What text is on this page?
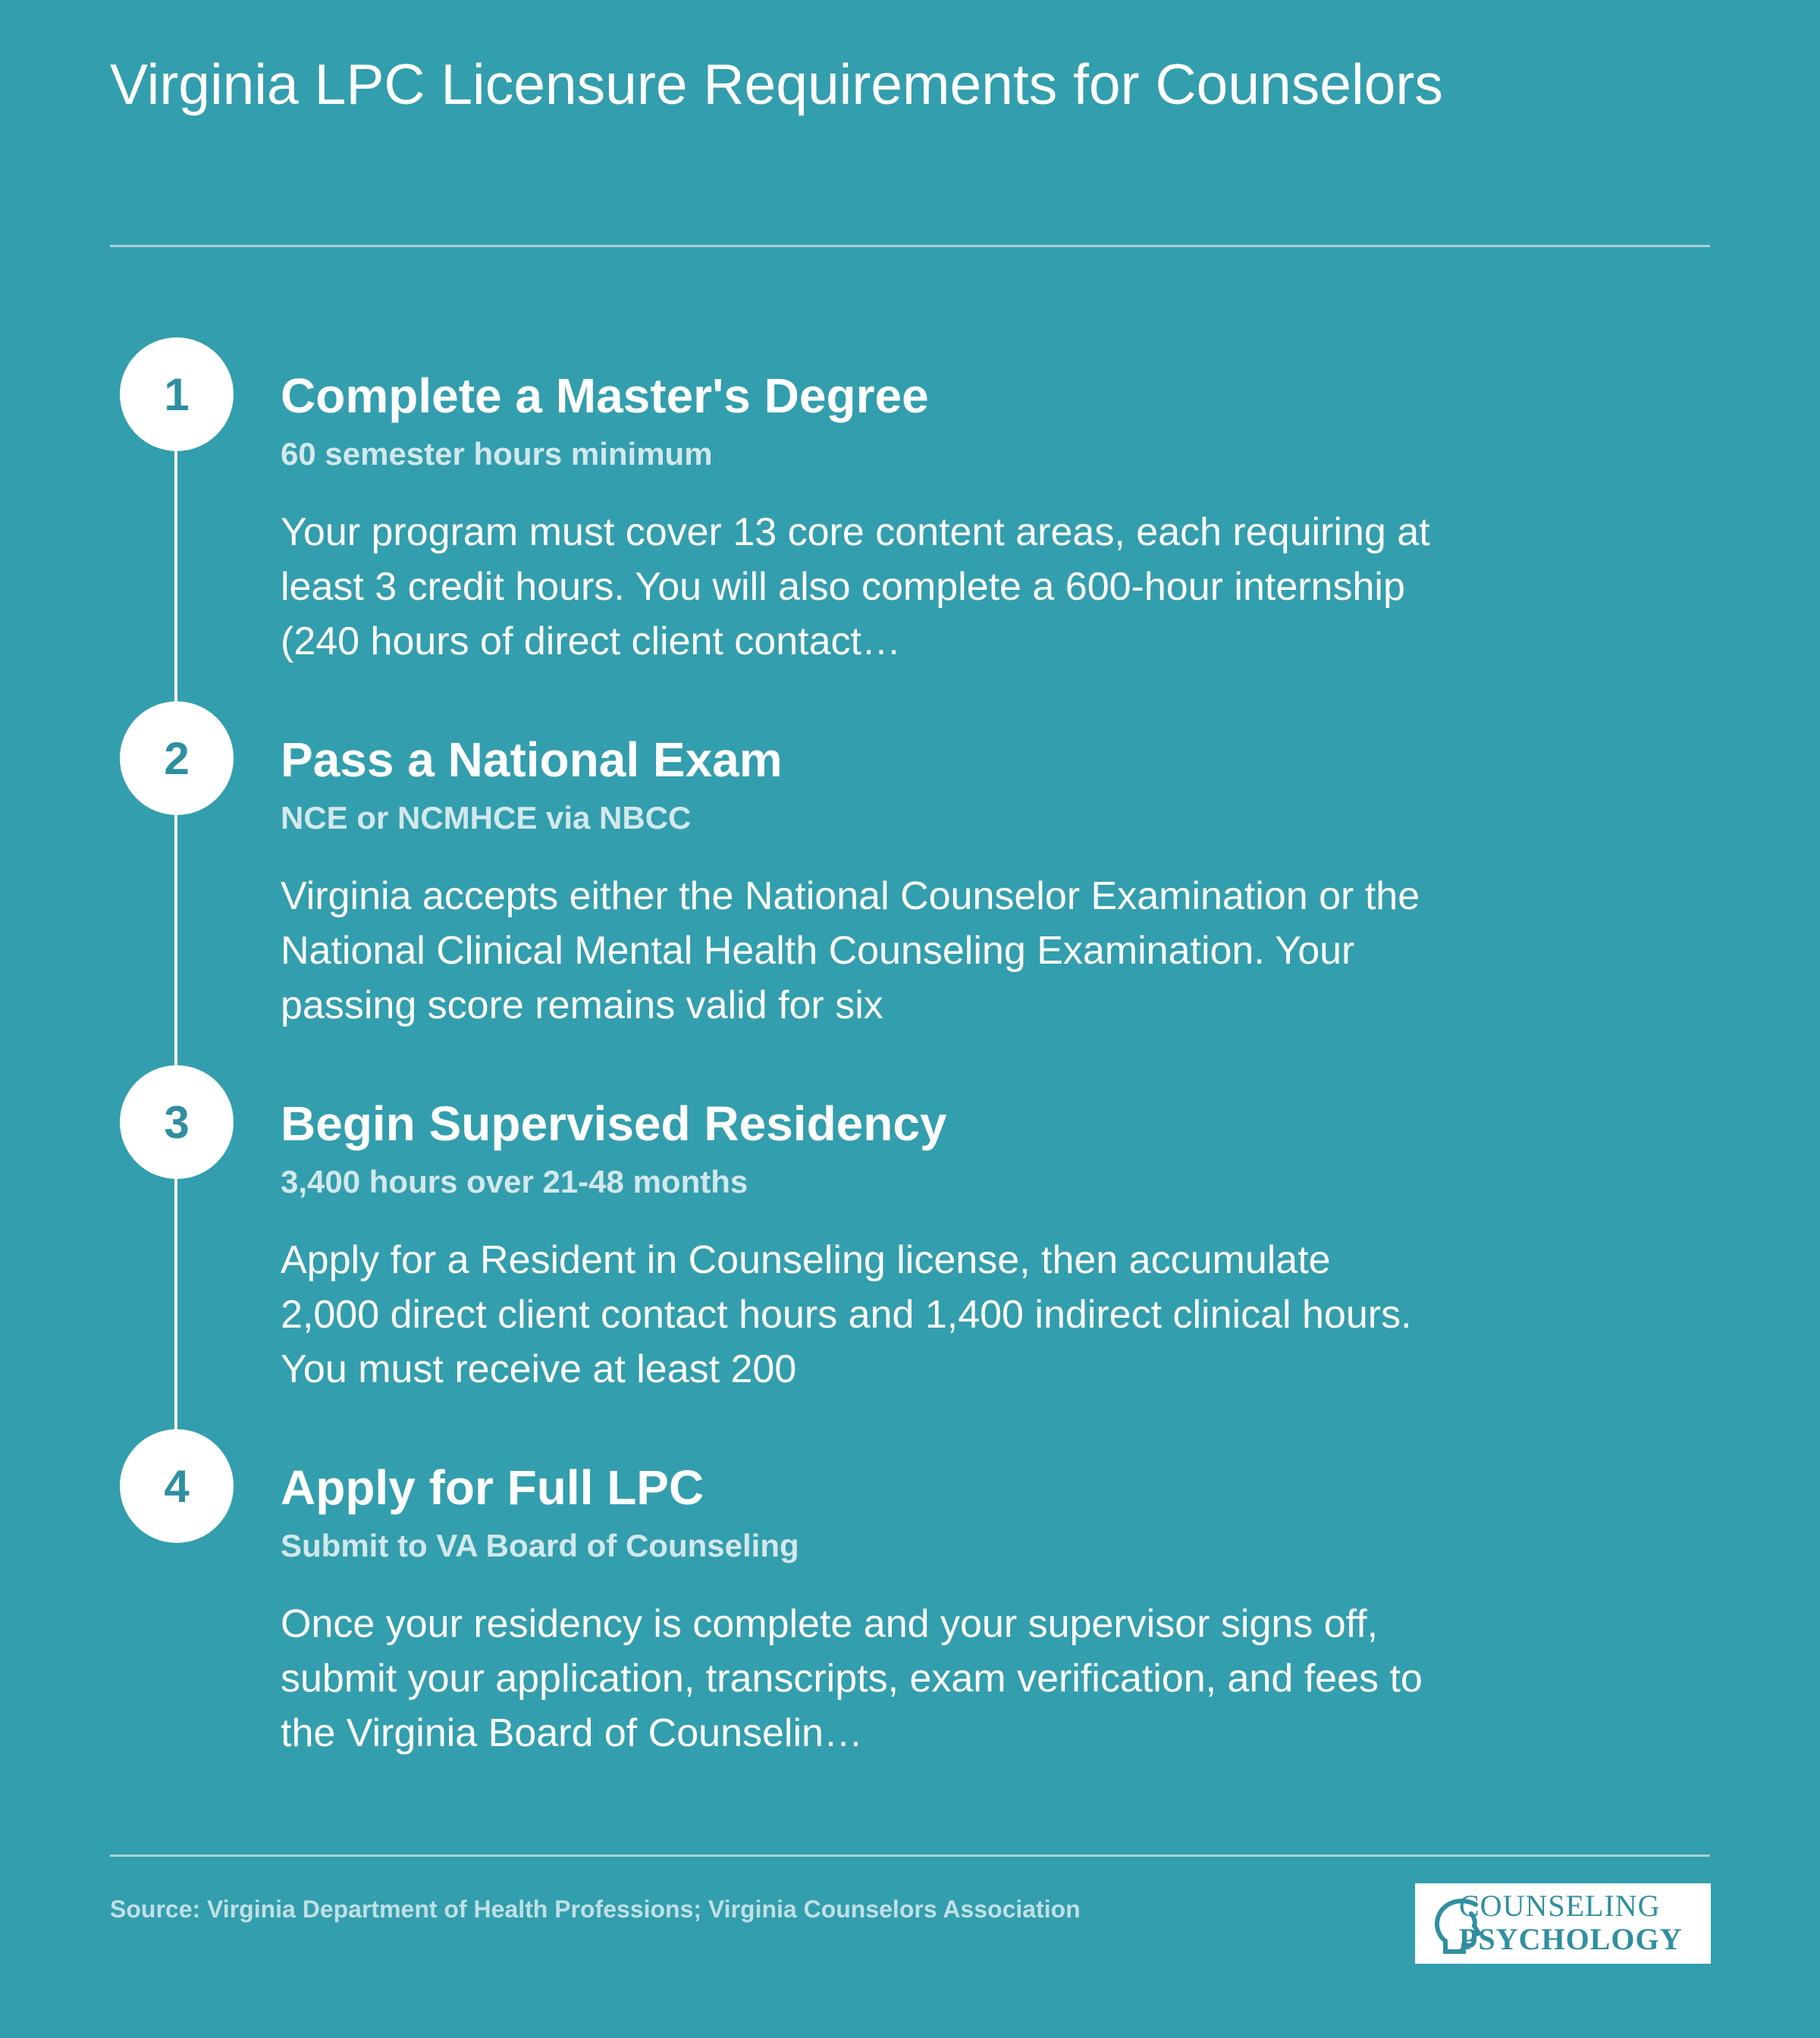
Virginia LPC Licensure Requirements for Counselors
1	Complete a Master's Degree
60 semester hours minimum
Your program must cover 13 core content areas, each requiring at least 3 credit hours. You will also complete a 600-hour internship (240 hours of direct client contact…
2	Pass a National Exam
NCE or NCMHCE via NBCC
Virginia accepts either the National Counselor Examination or the National Clinical Mental Health Counseling Examination. Your passing score remains valid for six
3	Begin Supervised Residency
3,400 hours over 21-48 months
Apply for a Resident in Counseling license, then accumulate 2,000 direct client contact hours and 1,400 indirect clinical hours. You must receive at least 200
4	Apply for Full LPC
Submit to VA Board of Counseling
Once your residency is complete and your supervisor signs off, submit your application, transcripts, exam verification, and fees to the Virginia Board of Counselin…
Source: Virginia Department of Health Professions; Virginia Counselors Association	COUNSELING
PSYCHOLOGY
